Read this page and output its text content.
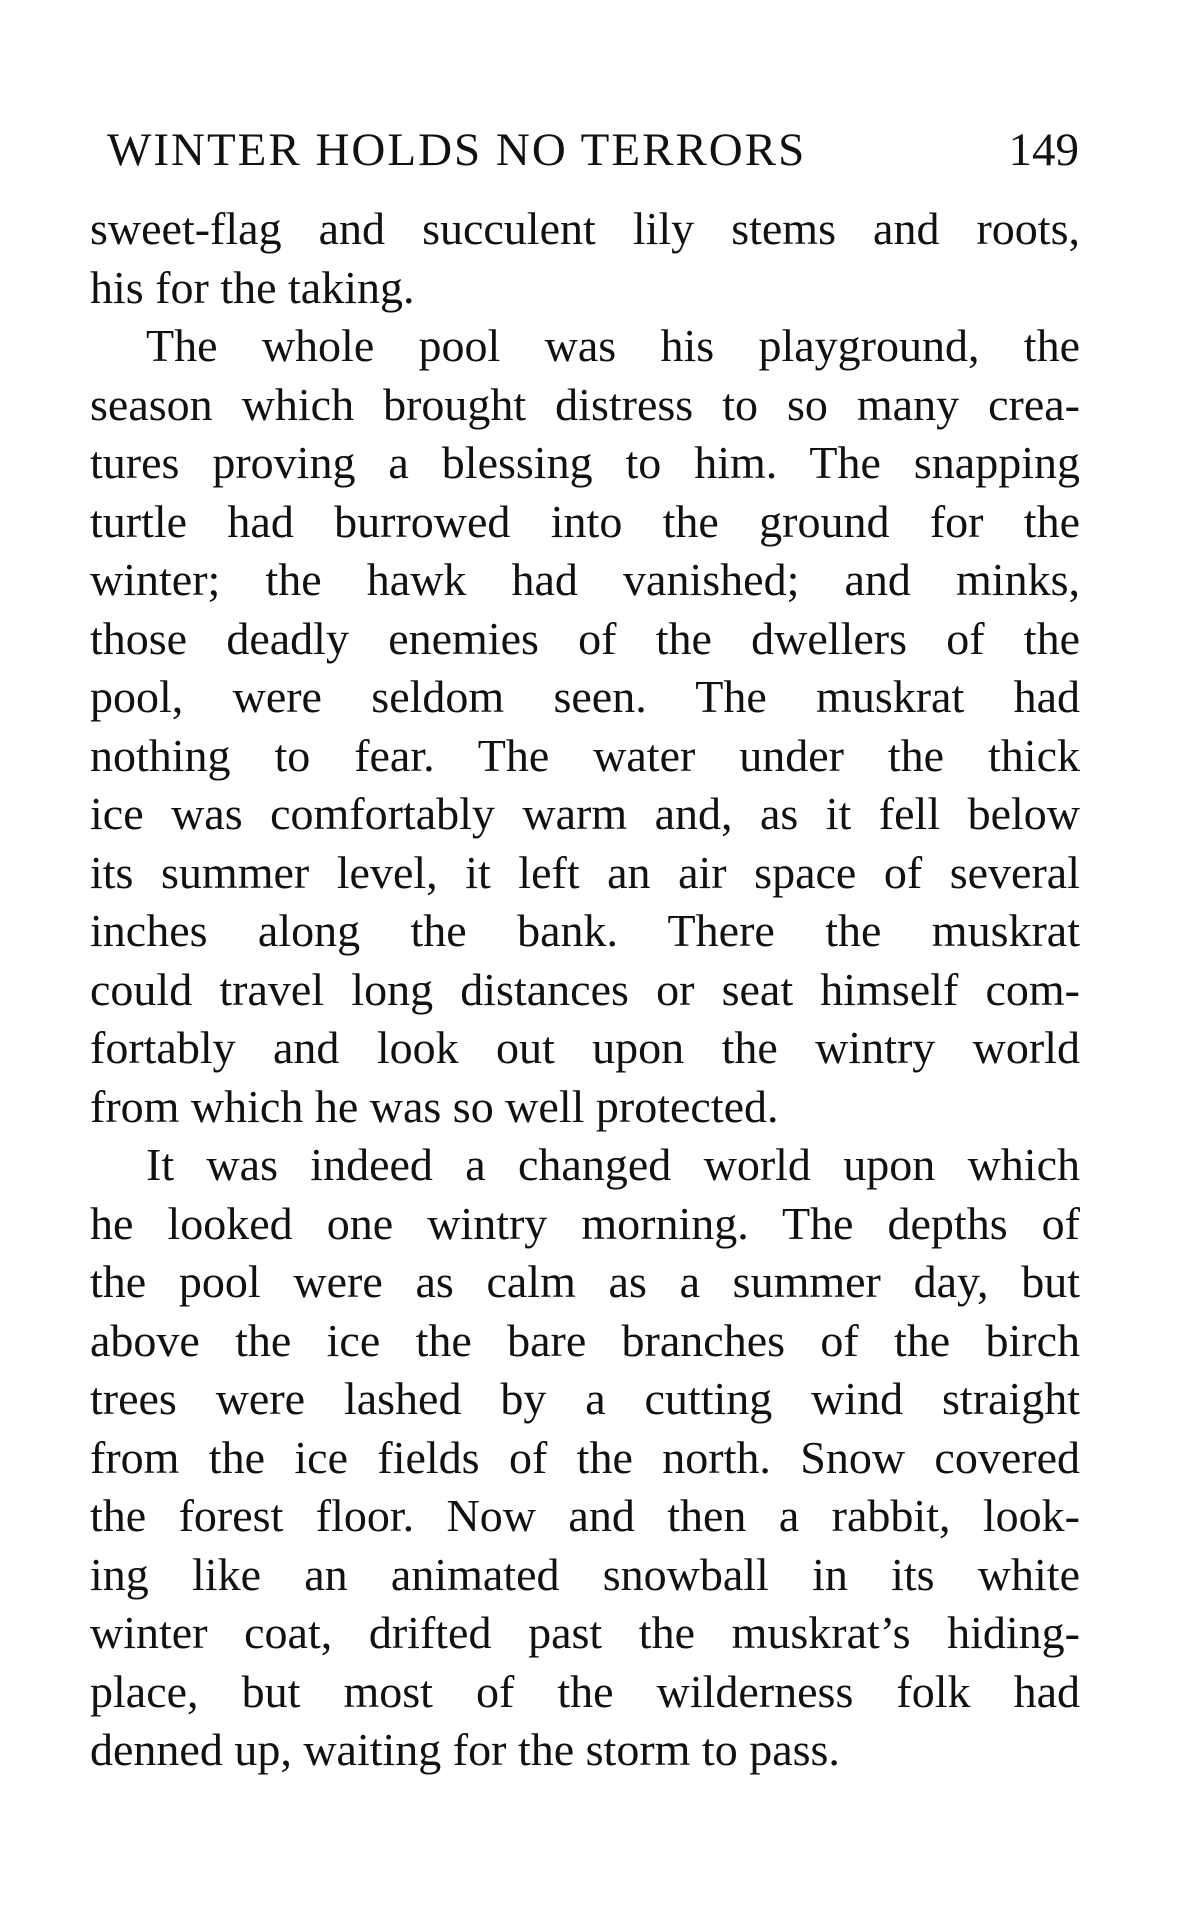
WINTER HOLDS NO TERRORS	149
sweet-flag and succulent lily stems and roots,
his for the taking.
The whole pool was his playground, the
season which brought distress to so many crea-
tures proving a blessing to him. The snapping
turtle had burrowed into the ground for the
winter; the hawk had vanished; and minks,
those deadly enemies of the dwellers of the
pool, were seldom seen. The muskrat had
nothing to fear. The water under the thick
ice was comfortably warm and, as it fell below
its summer level, it left an air space of several
inches along the bank. There the muskrat
could travel long distances or seat himself com-
fortably and look out upon the wintry world
from which he was so well protected.
It was indeed a changed world upon which
he looked one wintry morning. The depths of
the pool were as calm as a summer day, but
above the ice the bare branches of the birch
trees were lashed by a cutting wind straight
from the ice fields of the north. Snow covered
the forest floor. Now and then a rabbit, look-
ing like an animated snowball in its white
winter coat, drifted past the muskrat’s hiding-
place, but most of the wilderness folk had
denned up, waiting for the storm to pass.
